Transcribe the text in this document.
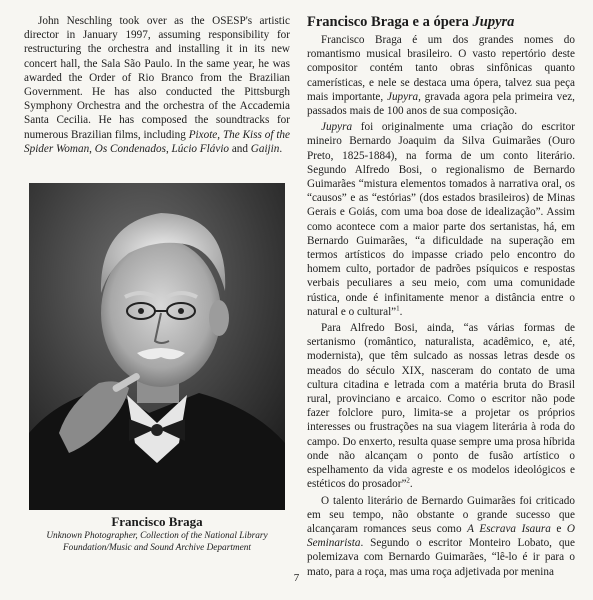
John Neschling took over as the OSESP's artistic director in January 1997, assuming responsibility for restructuring the orchestra and installing it in its new concert hall, the Sala São Paulo. In the same year, he was awarded the Order of Rio Branco from the Brazilian Government. He has also conducted the Pittsburgh Symphony Orchestra and the orchestra of the Accademia Santa Cecilia. He has composed the soundtracks for numerous Brazilian films, including Pixote, The Kiss of the Spider Woman, Os Condenados, Lúcio Flávio and Gaijin.

Francisco Braga

Unknown Photographer, Collection of the National Library
Foundation/Music and Sound Archive Department

Francisco Braga e a ópera Jupyra

Francisco Braga é um dos grandes nomes do romantismo musical brasileiro. O vasto repertório deste compositor contém tanto obras sinfônicas quanto camerísticas, e nele se destaca uma ópera, talvez sua peça mais importante, Jupyra, gravada agora pela primeira vez, passados mais de 100 anos de sua composição.

Jupyra foi originalmente uma criação do escritor mineiro Bernardo Joaquim da Silva Guimarães (Ouro Preto, 1825-1884), na forma de um conto literário. Segundo Alfredo Bosi, o regionalismo de Bernardo Guimarães “mistura elementos tomados à narrativa oral, os “causos” e as “estórias” (dos estados brasileiros) de Minas Gerais e Goiás, com uma boa dose de idealização”. Assim como acontece com a maior parte dos sertanistas, há, em Bernardo Guimarães, “a dificuldade na superação em termos artísticos do impasse criado pelo encontro do homem culto, portador de padrões psíquicos e respostas verbais peculiares a seu meio, com uma comunidade rústica, onde é infinitamente menor a distância entre o natural e o cultural”$^1$.

Para Alfredo Bosi, ainda, “as várias formas de sertanismo (romântico, naturalista, acadêmico, e, até, modernista), que têm sulcado as nossas letras desde os meados do século XIX, nasceram do contato de uma cultura citadina e letrada com a matéria bruta do Brasil rural, provinciano e arcaico. Como o escritor não pode fazer folclore puro, limita-se a projetar os próprios interesses ou frustrações na sua viagem literária à roda do campo. Do enxerto, resulta quase sempre uma prosa híbrida onde não alcançam o ponto de fusão artístico o espelhamento da vida agreste e os modelos ideológicos e estéticos do prosador”$^2$.

O talento literário de Bernardo Guimarães foi criticado em seu tempo, não obstante o grande sucesso que alcançaram romances seus como A Escrava Isaura e O Seminarista. Segundo o escritor Monteiro Lobato, que polemizava com Bernardo Guimarães, “lê-lo é ir para o mato, para a roça, mas uma roça adjetivada por menina

7
